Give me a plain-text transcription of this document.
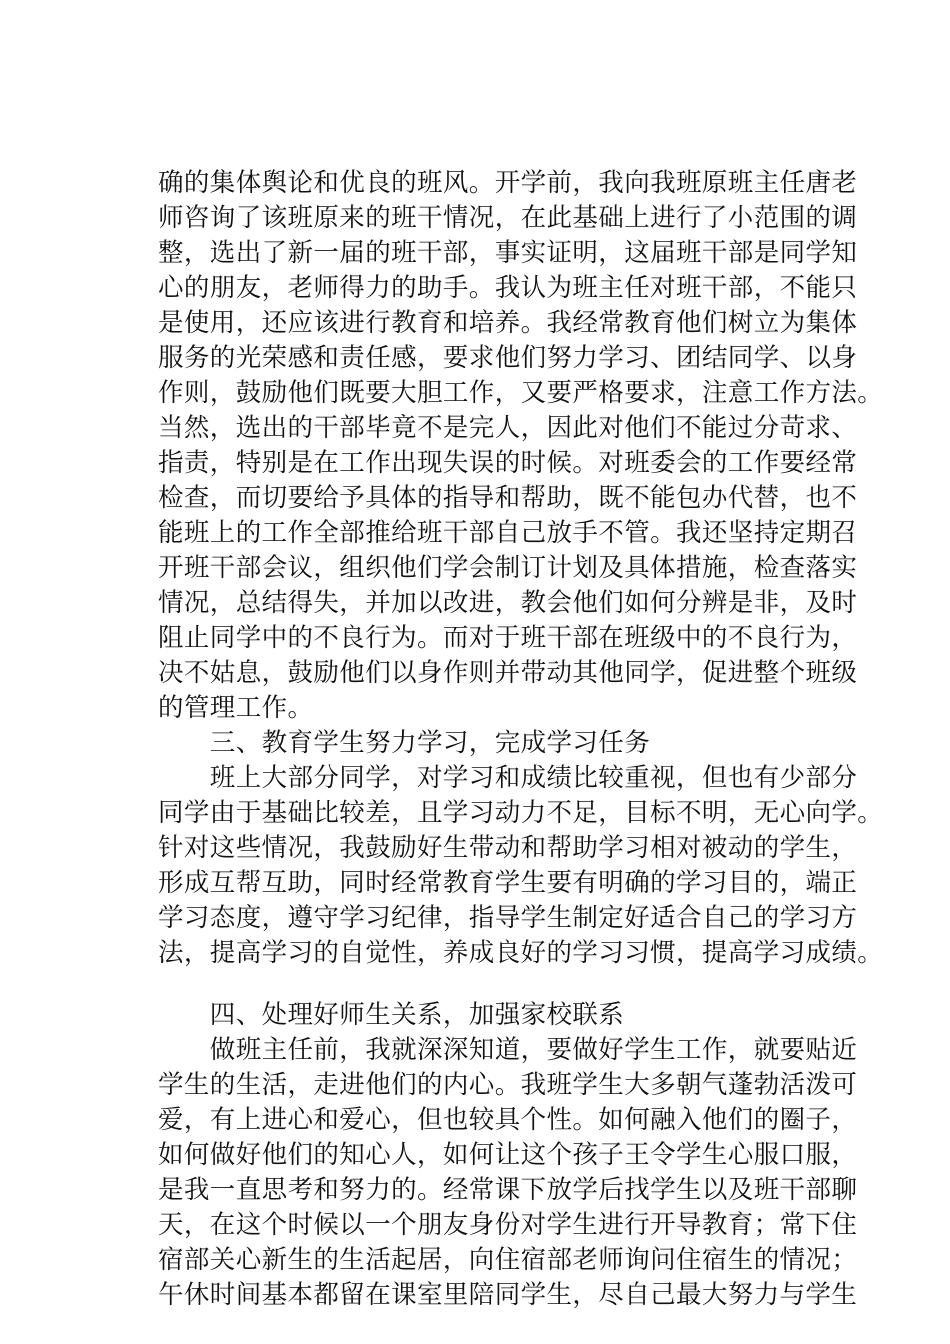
确的集体舆论和优良的班风。开学前，我向我班原班主任唐老
师咨询了该班原来的班干情况，在此基础上进行了小范围的调
整，选出了新一届的班干部，事实证明，这届班干部是同学知
心的朋友，老师得力的助手。我认为班主任对班干部，不能只
是使用，还应该进行教育和培养。我经常教育他们树立为集体
服务的光荣感和责任感，要求他们努力学习、团结同学、以身
作则，鼓励他们既要大胆工作，又要严格要求，注意工作方法。
当然，选出的干部毕竟不是完人，因此对他们不能过分苛求、
指责，特别是在工作出现失误的时候。对班委会的工作要经常
检查，而切要给予具体的指导和帮助，既不能包办代替，也不
能班上的工作全部推给班干部自己放手不管。我还坚持定期召
开班干部会议，组织他们学会制订计划及具体措施，检查落实
情况，总结得失，并加以改进，教会他们如何分辨是非，及时
阻止同学中的不良行为。而对于班干部在班级中的不良行为，
决不姑息，鼓励他们以身作则并带动其他同学，促进整个班级
的管理工作。
　　三、教育学生努力学习，完成学习任务
　　班上大部分同学，对学习和成绩比较重视，但也有少部分
同学由于基础比较差，且学习动力不足，目标不明，无心向学。
针对这些情况，我鼓励好生带动和帮助学习相对被动的学生，
形成互帮互助，同时经常教育学生要有明确的学习目的，端正
学习态度，遵守学习纪律，指导学生制定好适合自己的学习方
法，提高学习的自觉性，养成良好的学习习惯，提高学习成绩。
　　四、处理好师生关系，加强家校联系
　　做班主任前，我就深深知道，要做好学生工作，就要贴近
学生的生活，走进他们的内心。我班学生大多朝气蓬勃活泼可
爱，有上进心和爱心，但也较具个性。如何融入他们的圈子，
如何做好他们的知心人，如何让这个孩子王令学生心服口服，
是我一直思考和努力的。经常课下放学后找学生以及班干部聊
天，在这个时候以一个朋友身份对学生进行开导教育；常下住
宿部关心新生的生活起居，向住宿部老师询问住宿生的情况；
午休时间基本都留在课室里陪同学生，尽自己最大努力与学生
